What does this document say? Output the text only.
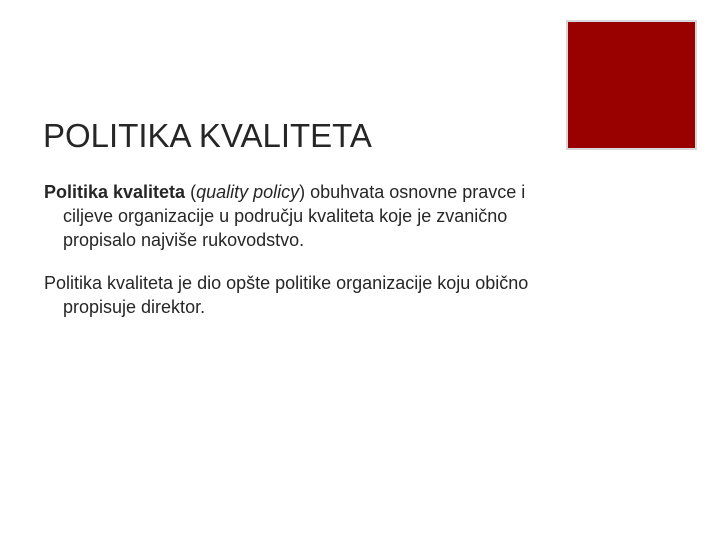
POLITIKA KVALITETA

Politika kvaliteta (quality policy) obuhvata osnovne pravce i ciljeve organizacije u području kvaliteta koje je zvanično propisalo najviše rukovodstvo.

Politika kvaliteta je dio opšte politike organizacije koju obično propisuje direktor.
